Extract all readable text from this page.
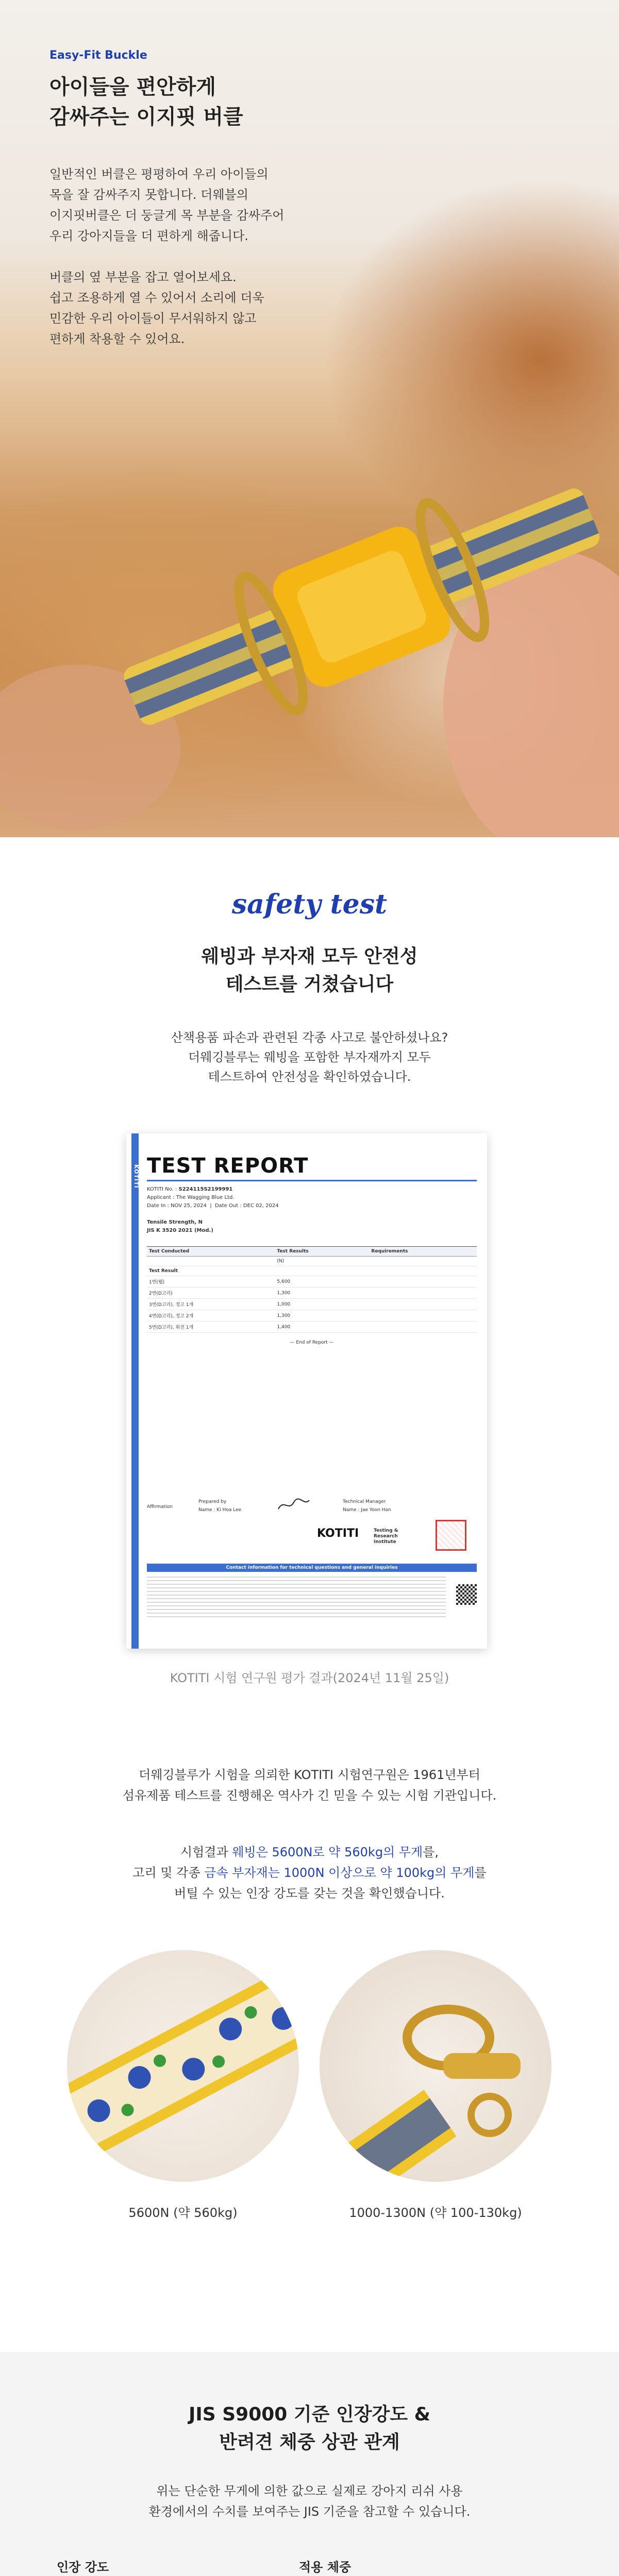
Easy-Fit Buckle
아이들을 편안하게
감싸주는 이지핏 버클

일반적인 버클은 평평하여 우리 아이들의
목을 잘 감싸주지 못합니다. 더웨블의
이지핏버클은 더 둥글게 목 부분을 감싸주어
우리 강아지들을 더 편하게 해줍니다.

버클의 옆 부분을 잡고 열어보세요.
쉽고 조용하게 열 수 있어서 소리에 더욱
민감한 우리 아이들이 무서워하지 않고
편하게 착용할 수 있어요.

safety test
웨빙과 부자재 모두 안전성
테스트를 거쳤습니다

산책용품 파손과 관련된 각종 사고로 불안하셨나요?
더웨깅블루는 웨빙을 포함한 부자재까지 모두
테스트하여 안전성을 확인하였습니다.

KOTITI TEST REPORT
KOTITI No. : S224115S2199991
Applicant : The Wagging Blue Ltd.
Date In : NOV 25, 2024  |  Date Out : DEC 02, 2024
Tensile Strength, N
JIS K 3520 2021 (Mod.)
Test Conducted	Test Results	Requirements
	(N)	
Test Result		
1번(웹)	5,600	
2번(D고리)	1,300	
3번(D고리), 정고 1개	1,000	
4번(D고리), 정고 2개	1,300	
5번(D고리), 회전 1개	1,400	
— End of Report —
Affirmation
Prepared by
Name : Ki Hoa Lee
Technical Manager
Name : Jae Yoon Han
KOTITI	Testing & Research Institute
Contact information for technical questions and general inquiries
KOTITI 시험 연구원 평가 결과(2024년 11월 25일)

더웨깅블루가 시험을 의뢰한 KOTITI 시험연구원은 1961년부터
섬유제품 테스트를 진행해온 역사가 긴 믿을 수 있는 시험 기관입니다.

시험결과 웨빙은 5600N로 약 560kg의 무게를,
고리 및 각종 금속 부자재는 1000N 이상으로 약 100kg의 무게를
버틸 수 있는 인장 강도를 갖는 것을 확인했습니다.

5600N (약 560kg)	1000-1300N (약 100-130kg)
JIS S9000 기준 인장강도 &
반려견 체중 상관 관계

위는 단순한 무게에 의한 값으로 실제로 강아지 리쉬 사용
환경에서의 수치를 보여주는 JIS 기준을 참고할 수 있습니다.

인장 강도	적용 체중
